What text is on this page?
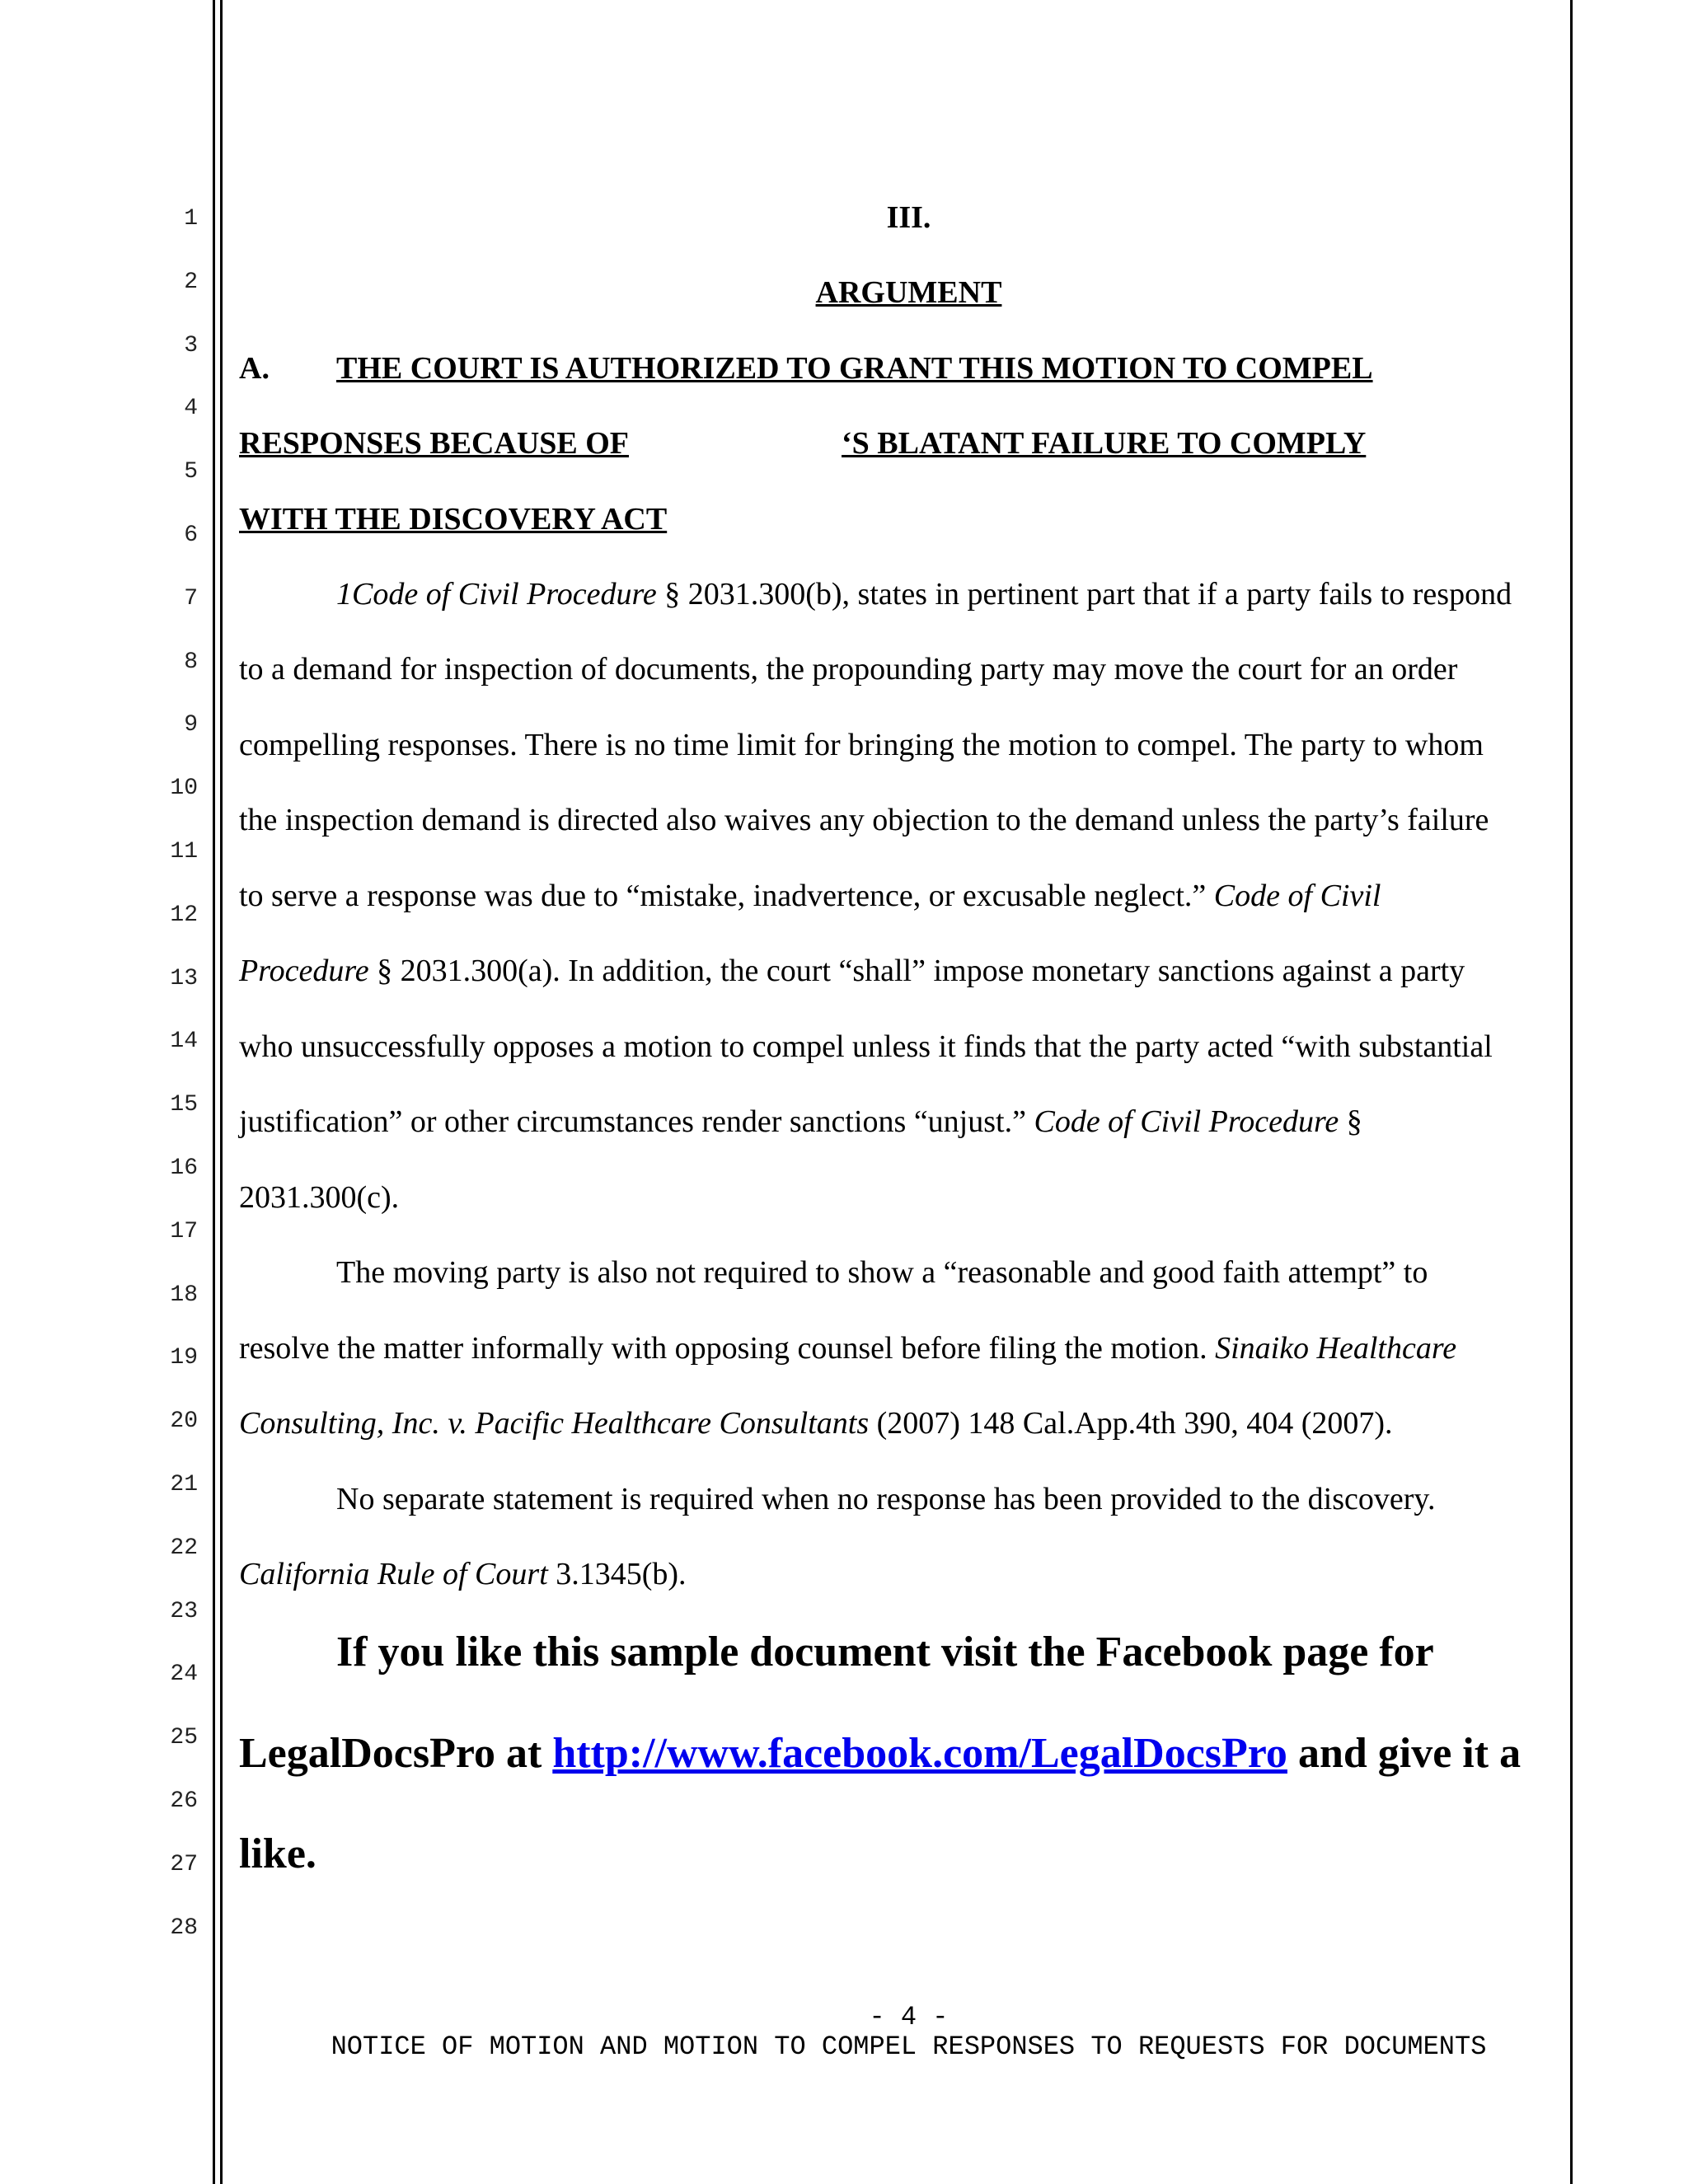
1
2
3
4
5
6
7
8
9
10
11
12
13
14
15
16
17
18
19
20
21
22
23
24
25
26
27
28
III.
ARGUMENT
A. THE COURT IS AUTHORIZED TO GRANT THIS MOTION TO COMPEL
RESPONSES BECAUSE OF	‘S BLATANT FAILURE TO COMPLY
WITH THE DISCOVERY ACT
1Code of Civil Procedure § 2031.300(b), states in pertinent part that if a party fails to respond
to a demand for inspection of documents, the propounding party may move the court for an order
compelling responses. There is no time limit for bringing the motion to compel. The party to whom
the inspection demand is directed also waives any objection to the demand unless the party’s failure
to serve a response was due to “mistake, inadvertence, or excusable neglect.” Code of Civil
Procedure § 2031.300(a). In addition, the court “shall” impose monetary sanctions against a party
who unsuccessfully opposes a motion to compel unless it finds that the party acted “with substantial
justification” or other circumstances render sanctions “unjust.” Code of Civil Procedure §
2031.300(c).
The moving party is also not required to show a “reasonable and good faith attempt” to
resolve the matter informally with opposing counsel before filing the motion. Sinaiko Healthcare
Consulting, Inc. v. Pacific Healthcare Consultants (2007) 148 Cal.App.4th 390, 404 (2007).
No separate statement is required when no response has been provided to the discovery.
California Rule of Court 3.1345(b).
If you like this sample document visit the Facebook page for
LegalDocsPro at http://www.facebook.com/LegalDocsPro and give it a
like.
- 4 -
NOTICE OF MOTION AND MOTION TO COMPEL RESPONSES TO REQUESTS FOR DOCUMENTS
